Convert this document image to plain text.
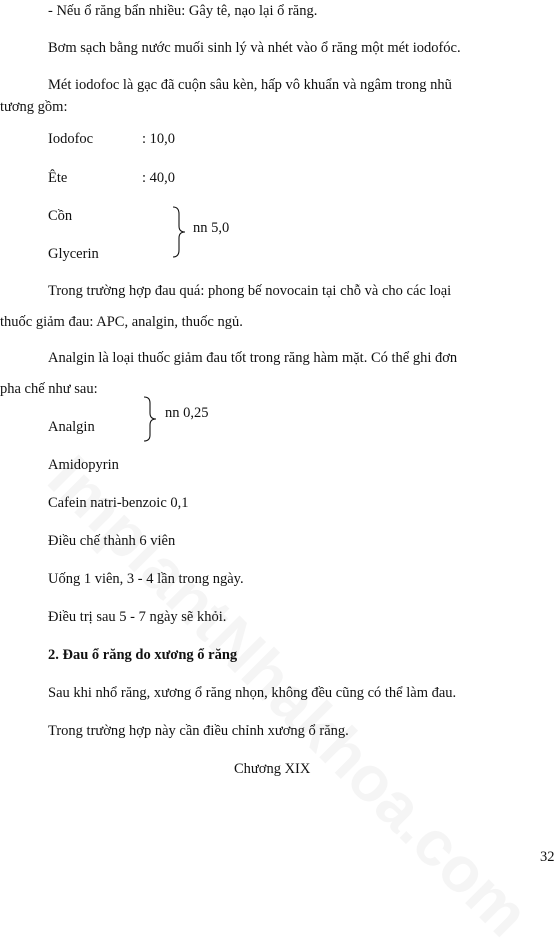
- Nếu ổ răng bẩn nhiều: Gây tê, nạo lại ổ răng.
Bơm sạch bằng nước muối sinh lý và nhét vào ổ răng một mét iodofóc.
Mét iodofoc là gạc đã cuộn sâu kèn, hấp vô khuẩn và ngâm trong nhũ
tương gồm:
Iodofoc	: 10,0
Ête	: 40,0
Cồn
Glycerin
nn 5,0
Trong trường hợp đau quá: phong bế novocain tại chỗ và cho các loại
thuốc giảm đau: APC, analgin, thuốc ngủ.
Analgin là loại thuốc giảm đau tốt trong răng hàm mặt. Có thể ghi đơn
pha chế như sau:
nn 0,25
Analgin
Amidopyrin
Cafein natri-benzoic 0,1
Điều chế thành 6 viên
Uống 1 viên, 3 - 4 lần trong ngày.
Điều trị sau 5 - 7 ngày sẽ khỏi.
2. Đau ổ răng do xương ổ răng
Sau khi nhổ răng, xương ổ răng nhọn, không đều cũng có thể làm đau.
Trong trường hợp này cần điều chỉnh xương ổ răng.
Chương XIX
32
